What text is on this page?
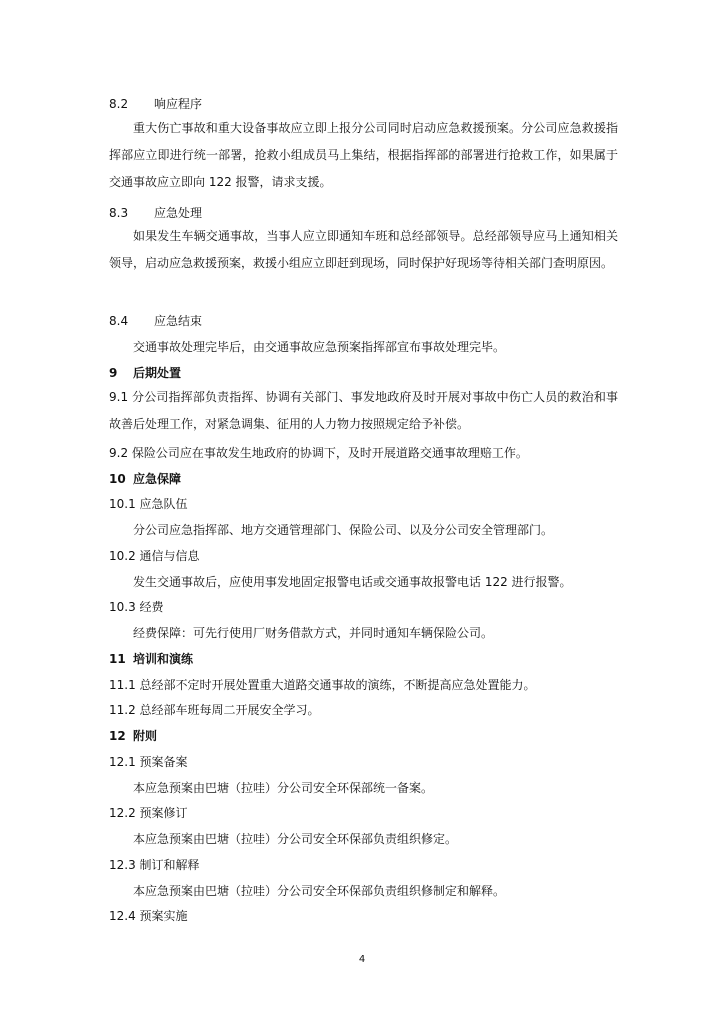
8.2 响应程序
重大伤亡事故和重大设备事故应立即上报分公司同时启动应急救援预案。分公司应急救援指挥部应立即进行统一部署，抢救小组成员马上集结，根据指挥部的部署进行抢救工作，如果属于交通事故应立即向 122 报警，请求支援。
8.3 应急处理
如果发生车辆交通事故，当事人应立即通知车班和总经部领导。总经部领导应马上通知相关领导，启动应急救援预案，救援小组应立即赶到现场，同时保护好现场等待相关部门查明原因。
8.4 应急结束
交通事故处理完毕后，由交通事故应急预案指挥部宣布事故处理完毕。
9 后期处置
9.1 分公司指挥部负责指挥、协调有关部门、事发地政府及时开展对事故中伤亡人员的救治和事故善后处理工作，对紧急调集、征用的人力物力按照规定给予补偿。
9.2 保险公司应在事故发生地政府的协调下，及时开展道路交通事故理赔工作。
10 应急保障
10.1 应急队伍
分公司应急指挥部、地方交通管理部门、保险公司、以及分公司安全管理部门。
10.2 通信与信息
发生交通事故后，应使用事发地固定报警电话或交通事故报警电话 122 进行报警。
10.3 经费
经费保障：可先行使用厂财务借款方式，并同时通知车辆保险公司。
11 培训和演练
11.1 总经部不定时开展处置重大道路交通事故的演练，不断提高应急处置能力。
11.2 总经部车班每周二开展安全学习。
12 附则
12.1 预案备案
本应急预案由巴塘（拉哇）分公司安全环保部统一备案。
12.2 预案修订
本应急预案由巴塘（拉哇）分公司安全环保部负责组织修定。
12.3 制订和解释
本应急预案由巴塘（拉哇）分公司安全环保部负责组织修制定和解释。
12.4 预案实施
4
